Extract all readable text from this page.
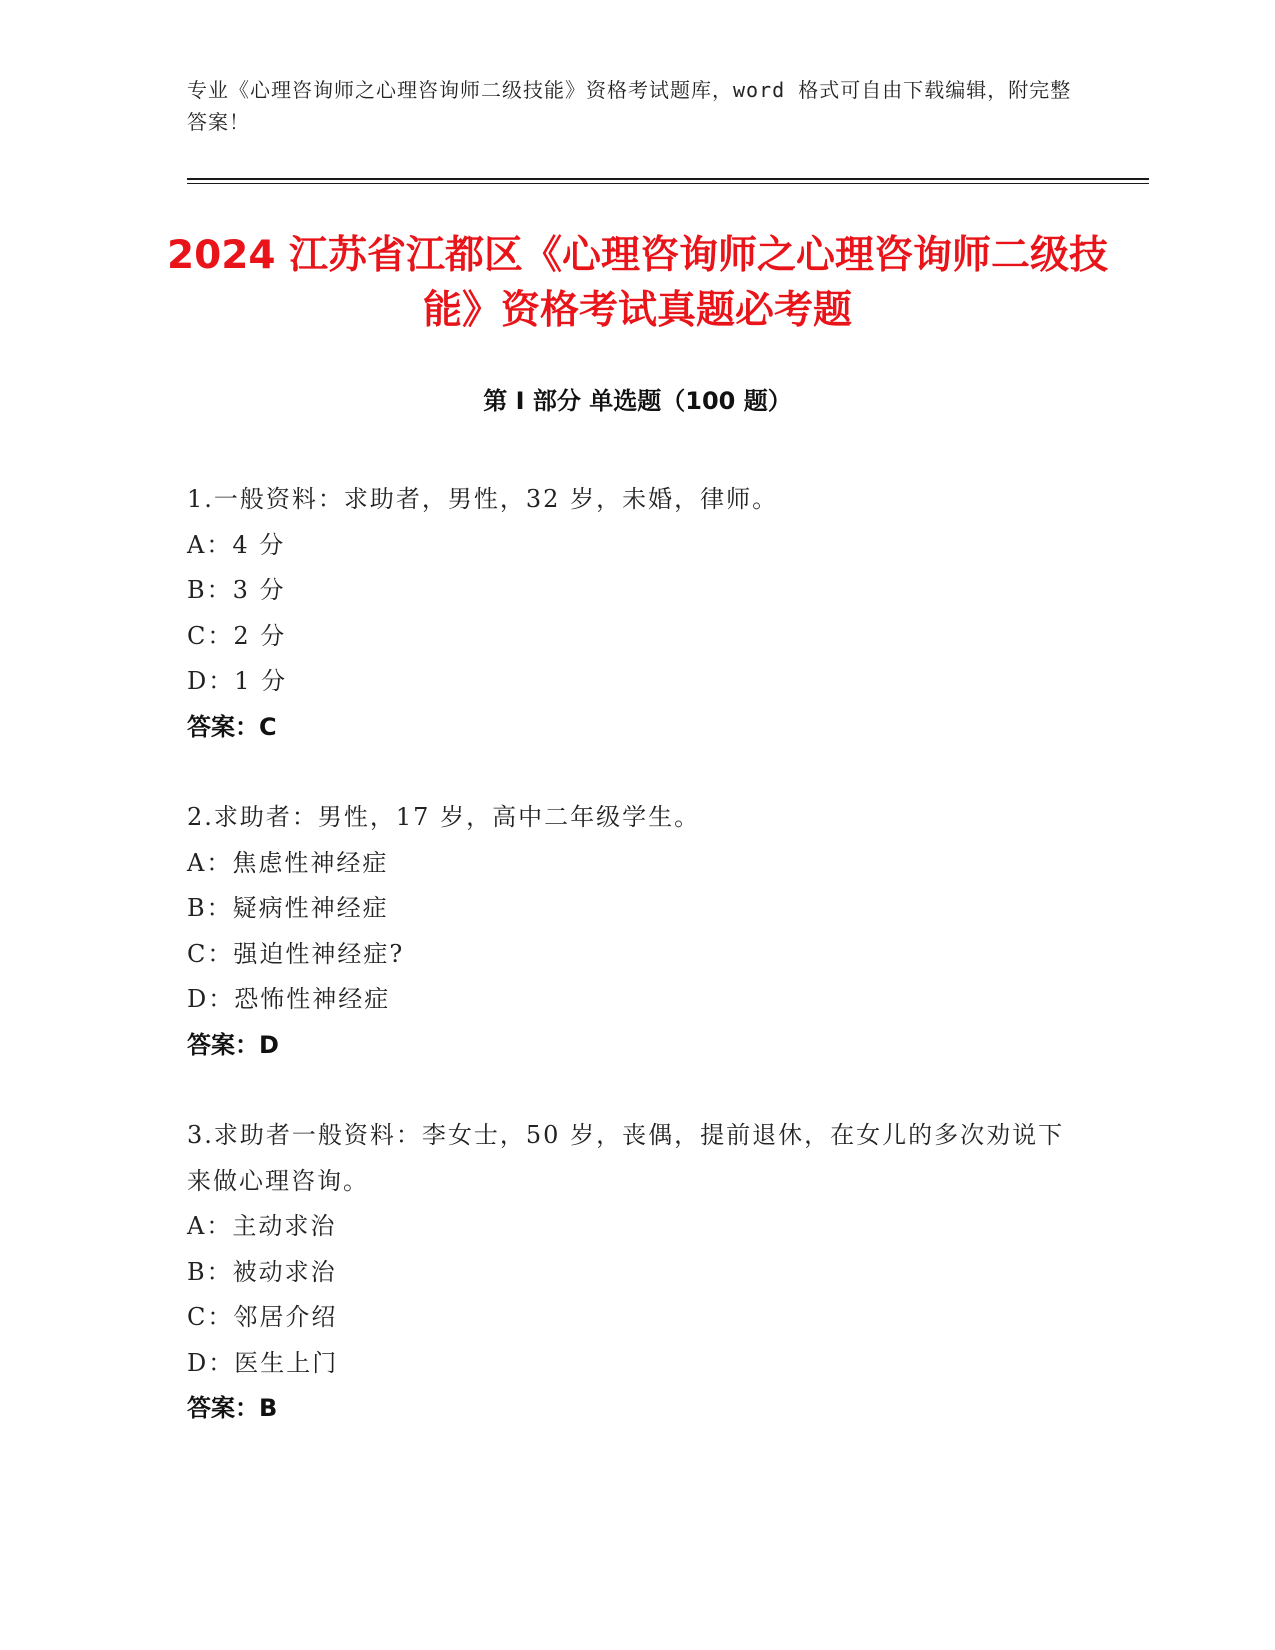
专业《心理咨询师之心理咨询师二级技能》资格考试题库，word 格式可自由下载编辑，附完整答案！
2024 江苏省江都区《心理咨询师之心理咨询师二级技能》资格考试真题必考题
第 I 部分 单选题（100 题）
1.一般资料：求助者，男性，32 岁，未婚，律师。
A：4 分
B：3 分
C：2 分
D：1 分
答案：C
2.求助者：男性，17 岁，高中二年级学生。
A：焦虑性神经症
B：疑病性神经症
C：强迫性神经症?
D：恐怖性神经症
答案：D
3.求助者一般资料：李女士，50 岁，丧偶，提前退休，在女儿的多次劝说下来做心理咨询。
A：主动求治
B：被动求治
C：邻居介绍
D：医生上门
答案：B
